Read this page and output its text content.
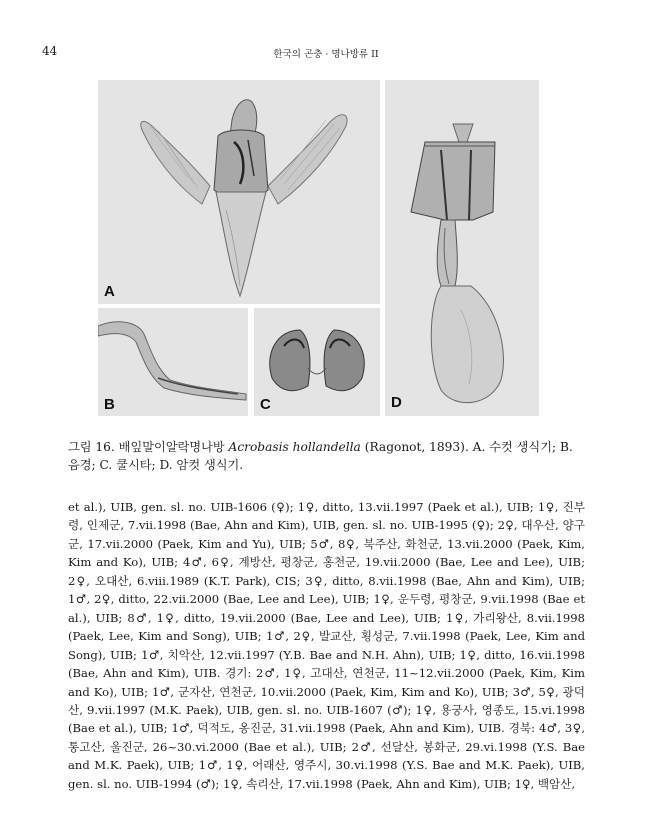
44	한국의 곤충 · 명나방류 II
A
B	C	D
그림 16. 배잎말이알락명나방 Acrobasis hollandella (Ragonot, 1893). A. 수컷 생식기; B. 음경; C. 쿨시타; D. 암컷 생식기.

et al.), UIB, gen. sl. no. UIB-1606 (♀); 1♀, ditto, 13.vii.1997 (Paek et al.), UIB; 1♀, 진부령, 인제군, 7.vii.1998 (Bae, Ahn and Kim), UIB, gen. sl. no. UIB-1995 (♀); 2♀, 대우산, 양구군, 17.vii.2000 (Paek, Kim and Yu), UIB; 5♂, 8♀, 북주산, 화천군, 13.vii.2000 (Paek, Kim, Kim and Ko), UIB; 4♂, 6♀, 계방산, 평창군, 홍천군, 19.vii.2000 (Bae, Lee and Lee), UIB; 2♀, 오대산, 6.viii.1989 (K.T. Park), CIS; 3♀, ditto, 8.vii.1998 (Bae, Ahn and Kim), UIB; 1♂, 2♀, ditto, 22.vii.2000 (Bae, Lee and Lee), UIB; 1♀, 운두령, 평창군, 9.vii.1998 (Bae et al.), UIB; 8♂, 1♀, ditto, 19.vii.2000 (Bae, Lee and Lee), UIB; 1♀, 가리왕산, 8.vii.1998 (Paek, Lee, Kim and Song), UIB; 1♂, 2♀, 발교산, 횡성군, 7.vii.1998 (Paek, Lee, Kim and Song), UIB; 1♂, 치악산, 12.vii.1997 (Y.B. Bae and N.H. Ahn), UIB; 1♀, ditto, 16.vii.1998 (Bae, Ahn and Kim), UIB. 경기: 2♂, 1♀, 고대산, 연천군, 11~12.vii.2000 (Paek, Kim, Kim and Ko), UIB; 1♂, 군자산, 연천군, 10.vii.2000 (Paek, Kim, Kim and Ko), UIB; 3♂, 5♀, 광덕산, 9.vii.1997 (M.K. Paek), UIB, gen. sl. no. UIB-1607 (♂); 1♀, 용궁사, 영종도, 15.vi.1998 (Bae et al.), UIB; 1♂, 덕적도, 옹진군, 31.vii.1998 (Paek, Ahn and Kim), UIB. 경북: 4♂, 3♀, 통고산, 울진군, 26~30.vi.2000 (Bae et al.), UIB; 2♂, 선달산, 봉화군, 29.vi.1998 (Y.S. Bae and M.K. Paek), UIB; 1♂, 1♀, 어래산, 영주시, 30.vi.1998 (Y.S. Bae and M.K. Paek), UIB, gen. sl. no. UIB-1994 (♂); 1♀, 속리산, 17.vii.1998 (Paek, Ahn and Kim), UIB; 1♀, 백암산,
